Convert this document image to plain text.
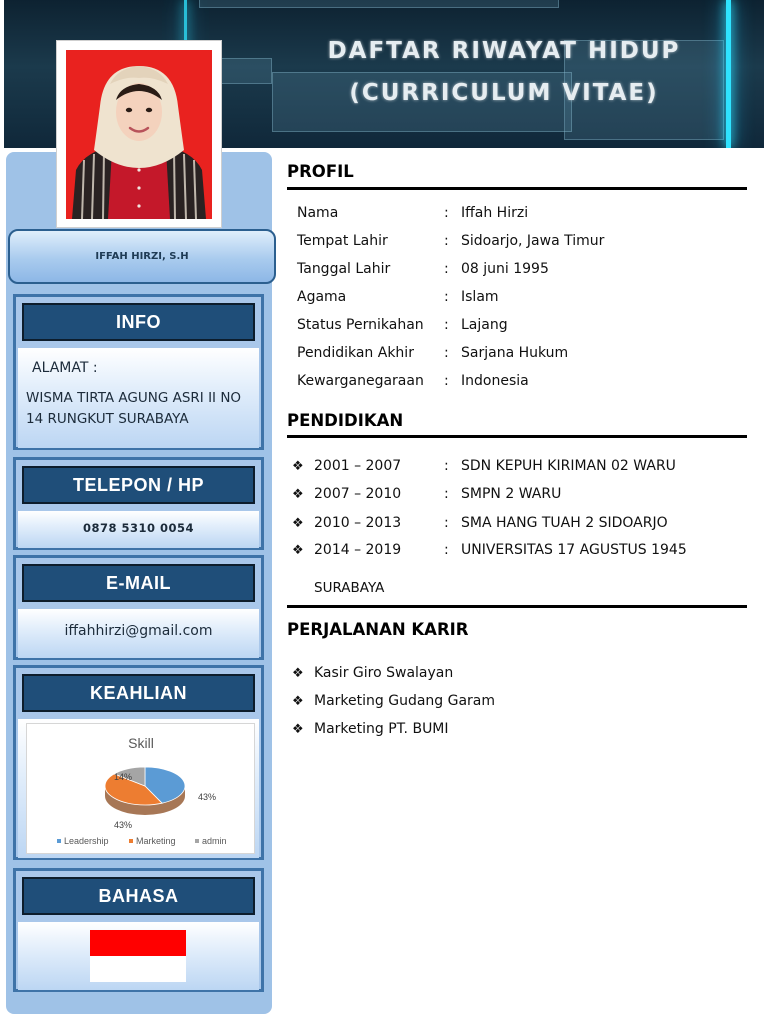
DAFTAR RIWAYAT HIDUP
(CURRICULUM VITAE)
IFFAH HIRZI, S.H
INFO
ALAMAT :
WISMA TIRTA AGUNG ASRI II NO 14 RUNGKUT SURABAYA
TELEPON / HP
0878 5310 0054
E-MAIL
iffahhirzi@gmail.com
KEAHLIAN
Skill
43%
43%
14%
Leadership	Marketing	admin
BAHASA
PROFIL
Nama	: Iffah Hirzi
Tempat Lahir	: Sidoarjo, Jawa Timur
Tanggal Lahir	: 08 juni 1995
Agama	: Islam
Status Pernikahan : Lajang
Pendidikan Akhir : Sarjana Hukum
Kewarganegaraan : Indonesia
PENDIDIKAN
❖ 2001 – 2007	: SDN KEPUH KIRIMAN 02 WARU
❖ 2007 – 2010	: SMPN 2 WARU
❖ 2010 – 2013	: SMA HANG TUAH 2 SIDOARJO
❖ 2014 – 2019	: UNIVERSITAS 17 AGUSTUS 1945
SURABAYA
PERJALANAN KARIR
❖ Kasir Giro Swalayan
❖ Marketing Gudang Garam
❖ Marketing PT. BUMI
